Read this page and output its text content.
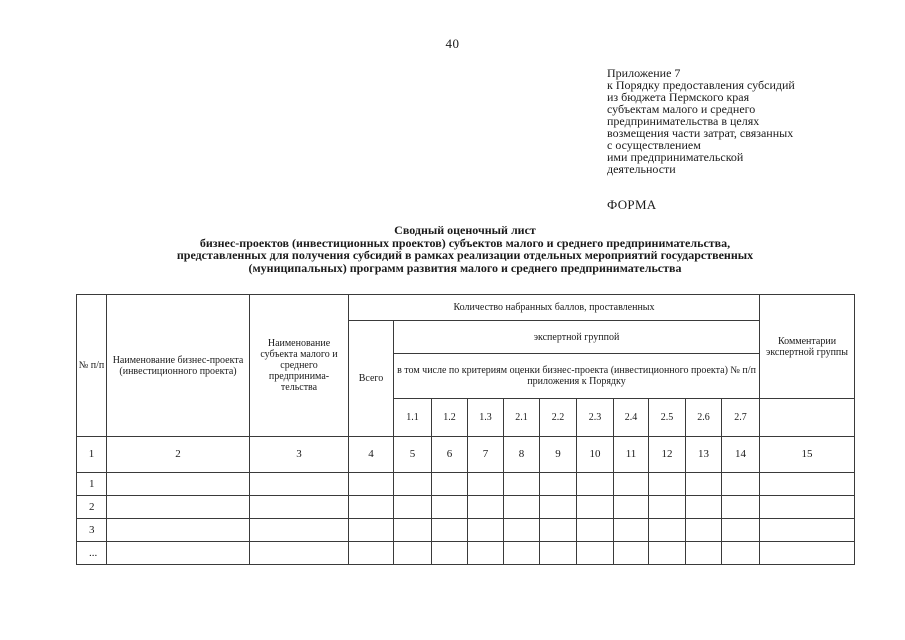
40
Приложение 7
к Порядку предоставления субсидий
из бюджета Пермского края
субъектам малого и среднего
предпринимательства в целях
возмещения части затрат, связанных
с осуществлением
ими предпринимательской
деятельности
ФОРМА
Сводный оценочный лист
бизнес-проектов (инвестиционных проектов) субъектов малого и среднего предпринимательства,
представленных для получения субсидий в рамках реализации отдельных мероприятий государственных
(муниципальных) программ развития малого и среднего предпринимательства
№ п/п	Наименование бизнес-проекта (инвестиционного проекта)	Наименование субъекта малого и среднего предпринима-тельства	Количество набранных баллов, проставленных											Комментарии экспертной группы
			Всего	экспертной группой										
				в том числе по критериям оценки бизнес-проекта (инвестиционного проекта) № п/п приложения к Порядку										
				1.1	1.2	1.3	2.1	2.2	2.3	2.4	2.5	2.6	2.7	
1	2	3	4	5	6	7	8	9	10	11	12	13	14	15
1														
2														
3														
...														
